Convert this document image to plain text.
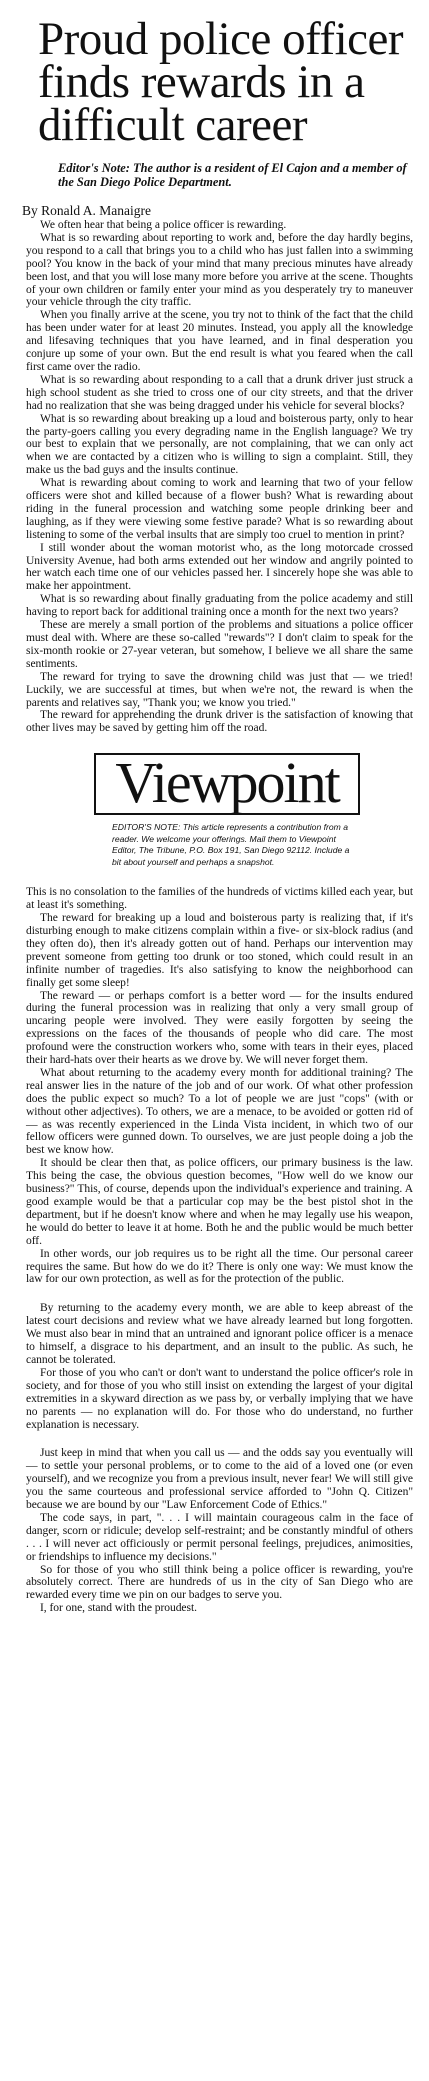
Proud police officer finds rewards in a difficult career
Editor's Note: The author is a resident of El Cajon and a member of the San Diego Police Department.
By Ronald A. Manaigre

We often hear that being a police officer is rewarding.

What is so rewarding about reporting to work and, before the day hardly begins, you respond to a call that brings you to a child who has just fallen into a swimming pool? You know in the back of your mind that many precious minutes have already been lost, and that you will lose many more before you arrive at the scene. Thoughts of your own children or family enter your mind as you desperately try to maneuver your vehicle through the city traffic.

When you finally arrive at the scene, you try not to think of the fact that the child has been under water for at least 20 minutes. Instead, you apply all the knowledge and lifesaving techniques that you have learned, and in final desperation you conjure up some of your own. But the end result is what you feared when the call first came over the radio.

What is so rewarding about responding to a call that a drunk driver just struck a high school student as she tried to cross one of our city streets, and that the driver had no realization that she was being dragged under his vehicle for several blocks?

What is so rewarding about breaking up a loud and boisterous party, only to hear the party-goers calling you every degrading name in the English language? We try our best to explain that we personally, are not complaining, that we can only act when we are contacted by a citizen who is willing to sign a complaint. Still, they make us the bad guys and the insults continue.

What is rewarding about coming to work and learning that two of your fellow officers were shot and killed because of a flower bush? What is rewarding about riding in the funeral procession and watching some people drinking beer and laughing, as if they were viewing some festive parade? What is so rewarding about listening to some of the verbal insults that are simply too cruel to mention in print?

I still wonder about the woman motorist who, as the long motorcade crossed University Avenue, had both arms extended out her window and angrily pointed to her watch each time one of our vehicles passed her. I sincerely hope she was able to make her appointment.

What is so rewarding about finally graduating from the police academy and still having to report back for additional training once a month for the next two years?

These are merely a small portion of the problems and situations a police officer must deal with. Where are these so-called "rewards"? I don't claim to speak for the six-month rookie or 27-year veteran, but somehow, I believe we all share the same sentiments.

The reward for trying to save the drowning child was just that — we tried! Luckily, we are successful at times, but when we're not, the reward is when the parents and relatives say, "Thank you; we know you tried."

The reward for apprehending the drunk driver is the satisfaction of knowing that other lives may be saved by getting him off the road.

Viewpoint
EDITOR'S NOTE: This article represents a contribution from a reader. We welcome your offerings. Mail them to Viewpoint Editor, The Tribune, P.O. Box 191, San Diego 92112. Include a bit about yourself and perhaps a snapshot.

This is no consolation to the families of the hundreds of victims killed each year, but at least it's something.

The reward for breaking up a loud and boisterous party is realizing that, if it's disturbing enough to make citizens complain within a five- or six-block radius (and they often do), then it's already gotten out of hand. Perhaps our intervention may prevent someone from getting too drunk or too stoned, which could result in an infinite number of tragedies. It's also satisfying to know the neighborhood can finally get some sleep!

The reward — or perhaps comfort is a better word — for the insults endured during the funeral procession was in realizing that only a very small group of uncaring people were involved. They were easily forgotten by seeing the expressions on the faces of the thousands of people who did care. The most profound were the construction workers who, some with tears in their eyes, placed their hard-hats over their hearts as we drove by. We will never forget them.

What about returning to the academy every month for additional training? The real answer lies in the nature of the job and of our work. Of what other profession does the public expect so much? To a lot of people we are just "cops" (with or without other adjectives). To others, we are a menace, to be avoided or gotten rid of — as was recently experienced in the Linda Vista incident, in which two of our fellow officers were gunned down. To ourselves, we are just people doing a job the best we know how.

It should be clear then that, as police officers, our primary business is the law. This being the case, the obvious question becomes, "How well do we know our business?" This, of course, depends upon the individual's experience and training. A good example would be that a particular cop may be the best pistol shot in the department, but if he doesn't know where and when he may legally use his weapon, he would do better to leave it at home. Both he and the public would be much better off.

In other words, our job requires us to be right all the time. Our personal career requires the same. But how do we do it? There is only one way: We must know the law for our own protection, as well as for the protection of the public.

By returning to the academy every month, we are able to keep abreast of the latest court decisions and review what we have already learned but long forgotten. We must also bear in mind that an untrained and ignorant police officer is a menace to himself, a disgrace to his department, and an insult to the public. As such, he cannot be tolerated.

For those of you who can't or don't want to understand the police officer's role in society, and for those of you who still insist on extending the largest of your digital extremities in a skyward direction as we pass by, or verbally implying that we have no parents — no explanation will do. For those who do understand, no further explanation is necessary.

Just keep in mind that when you call us — and the odds say you eventually will — to settle your personal problems, or to come to the aid of a loved one (or even yourself), and we recognize you from a previous insult, never fear! We will still give you the same courteous and professional service afforded to "John Q. Citizen" because we are bound by our "Law Enforcement Code of Ethics."

The code says, in part, ". . . I will maintain courageous calm in the face of danger, scorn or ridicule; develop self-restraint; and be constantly mindful of others . . . I will never act officiously or permit personal feelings, prejudices, animosities, or friendships to influence my decisions."

So for those of you who still think being a police officer is rewarding, you're absolutely correct. There are hundreds of us in the city of San Diego who are rewarded every time we pin on our badges to serve you.

I, for one, stand with the proudest.
